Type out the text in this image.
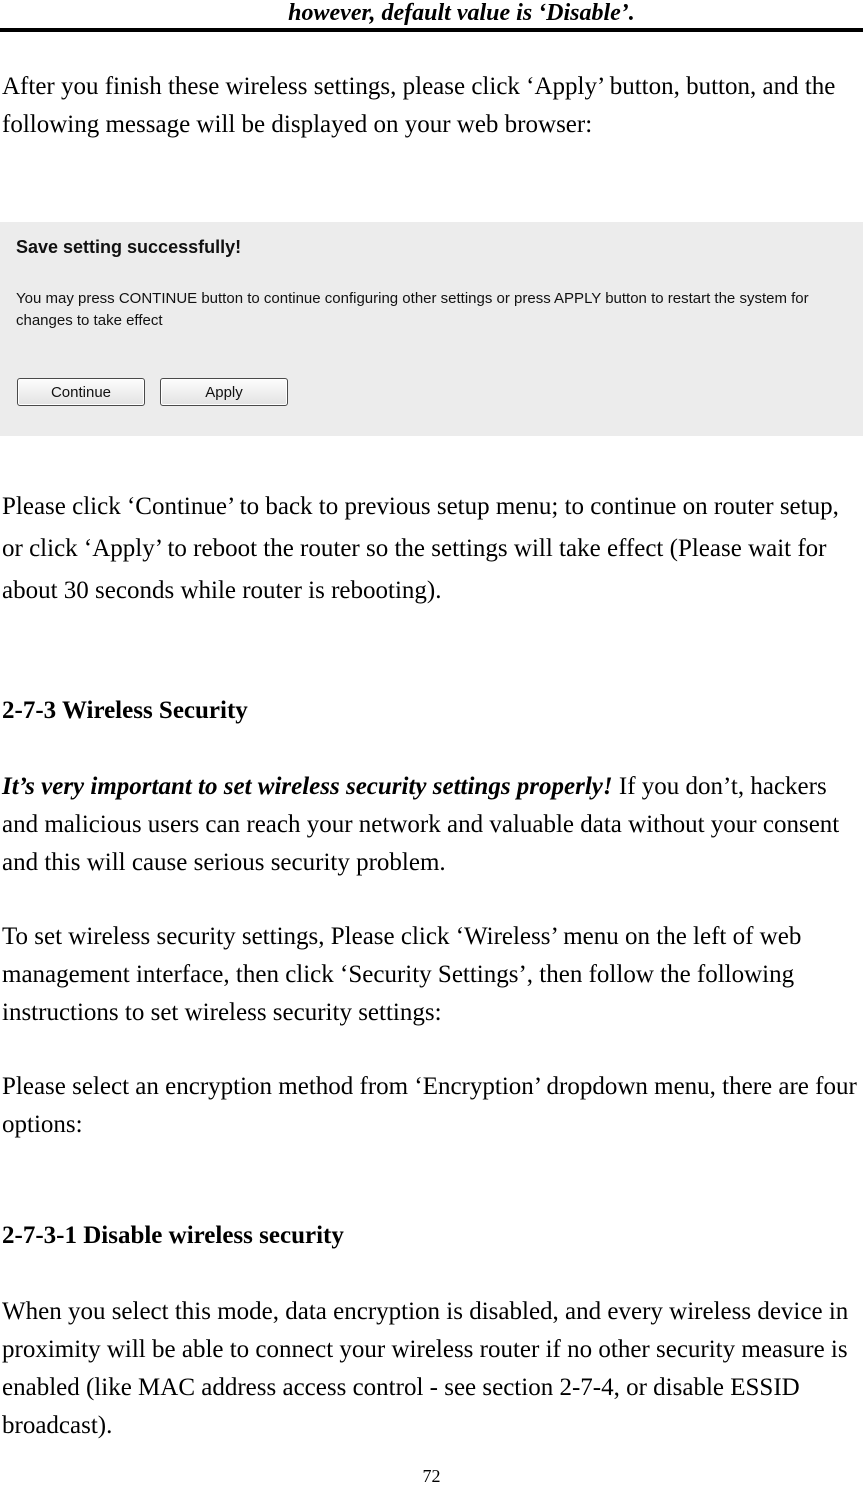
however, default value is ‘Disable’.

After you finish these wireless settings, please click ‘Apply’ button, button, and the following message will be displayed on your web browser:

Save setting successfully!
You may press CONTINUE button to continue configuring other settings or press APPLY button to restart the system for changes to take effect
Continue	Apply

Please click ‘Continue’ to back to previous setup menu; to continue on router setup, or click ‘Apply’ to reboot the router so the settings will take effect (Please wait for about 30 seconds while router is rebooting).

2-7-3 Wireless Security

It’s very important to set wireless security settings properly! If you don’t, hackers and malicious users can reach your network and valuable data without your consent and this will cause serious security problem.

To set wireless security settings, Please click ‘Wireless’ menu on the left of web management interface, then click ‘Security Settings’, then follow the following instructions to set wireless security settings:

Please select an encryption method from ‘Encryption’ dropdown menu, there are four options:

2-7-3-1 Disable wireless security

When you select this mode, data encryption is disabled, and every wireless device in proximity will be able to connect your wireless router if no other security measure is enabled (like MAC address access control - see section 2-7-4, or disable ESSID broadcast).

72
